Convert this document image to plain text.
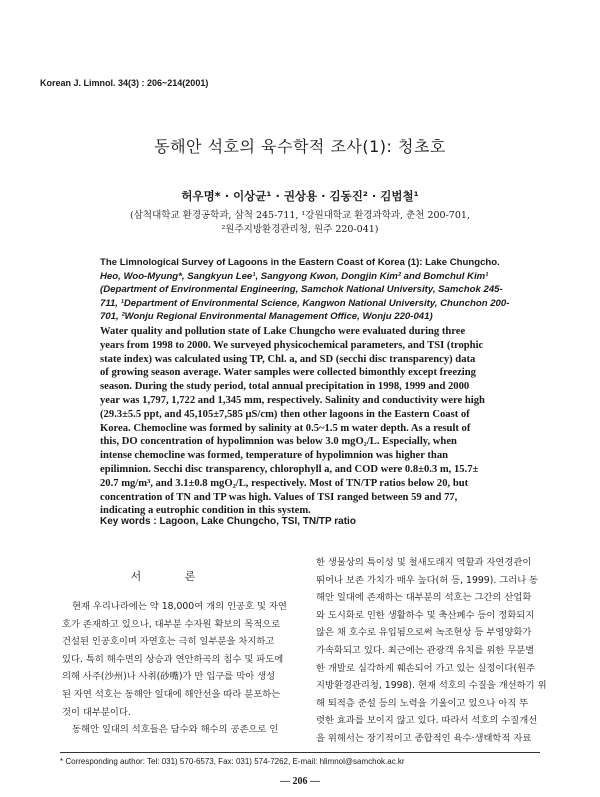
Korean J. Limnol. 34(3) : 206~214(2001)
동해안 석호의 육수학적 조사(1): 청초호
허우명* · 이상균¹ · 권상용 · 김동진² · 김범철¹
(삼척대학교 환경공학과, 삼척 245-711, ¹강원대학교 환경과학과, 춘천 200-701,
²원주지방환경관리청, 원주 220-041)
The Limnological Survey of Lagoons in the Eastern Coast of Korea (1): Lake Chungcho. Heo, Woo-Myung*, Sangkyun Lee¹, Sangyong Kwon, Dongjin Kim² and Bomchul Kim¹ (Department of Environmental Engineering, Samchok National University, Samchok 245-711, ¹Department of Environmental Science, Kangwon National University, Chunchon 200-701, ²Wonju Regional Environmental Management Office, Wonju 220-041)
Water quality and pollution state of Lake Chungcho were evaluated during three
years from 1998 to 2000. We surveyed physicochemical parameters, and TSI (trophic
state index) was calculated using TP, Chl. a, and SD (secchi disc transparency) data
of growing season average. Water samples were collected bimonthly except freezing
season. During the study period, total annual precipitation in 1998, 1999 and 2000
year was 1,797, 1,722 and 1,345 mm, respectively. Salinity and conductivity were high
(29.3±5.5 ppt, and 45,105±7,585 μS/cm) then other lagoons in the Eastern Coast of
Korea. Chemocline was formed by salinity at 0.5~1.5 m water depth. As a result of
this, DO concentration of hypolimnion was below 3.0 mgO₂/L. Especially, when
intense chemocline was formed, temperature of hypolimnion was higher than
epilimnion. Secchi disc transparency, chlorophyll a, and COD were 0.8±0.3 m, 15.7±
20.7 mg/m³, and 3.1±0.8 mgO₂/L, respectively. Most of TN/TP ratios below 20, but
concentration of TN and TP was high. Values of TSI ranged between 59 and 77,
indicating a eutrophic condition in this system.
Key words : Lagoon, Lake Chungcho, TSI, TN/TP ratio
서 론
현재 우리나라에는 약 18,000여 개의 인공호 및 자연
호가 존재하고 있으나, 대부분 수자원 확보의 목적으로
건설된 인공호이며 자연호는 극히 일부분을 차지하고
있다. 특히 해수면의 상승과 연안하곡의 침수 및 파도에
의해 사주(沙州)나 사취(砂嘴)가 만 입구를 막아 생성
된 자연 석호는 동해안 일대에 해안선을 따라 분포하는
것이 대부분이다.
동해안 일대의 석호들은 담수와 해수의 공존으로 인
한 생물상의 특이성 및 철새도래지 역할과 자연경관이
뛰어나 보존 가치가 매우 높다(허 등, 1999). 그러나 동
해안 일대에 존재하는 대부분의 석호는 그간의 산업화
와 도시화로 인한 생활하수 및 축산폐수 등이 정화되지
않은 채 호수로 유입됨으로써 녹조현상 등 부영양화가
가속화되고 있다. 최근에는 관광객 유치를 위한 무분별
한 개발로 심각하게 훼손되어 가고 있는 실정이다(원주
지방환경관리청, 1998). 현재 석호의 수질을 개선하기 위
해 퇴적층 준설 등의 노력을 기울이고 있으나 아직 뚜
렷한 효과를 보이지 않고 있다. 따라서 석호의 수질개선
을 위해서는 장기적이고 종합적인 육수·생태학적 자료
* Corresponding author: Tel: 031) 570-6573, Fax: 031) 574-7262, E-mail: hlimnol@samchok.ac.kr
— 206 —
